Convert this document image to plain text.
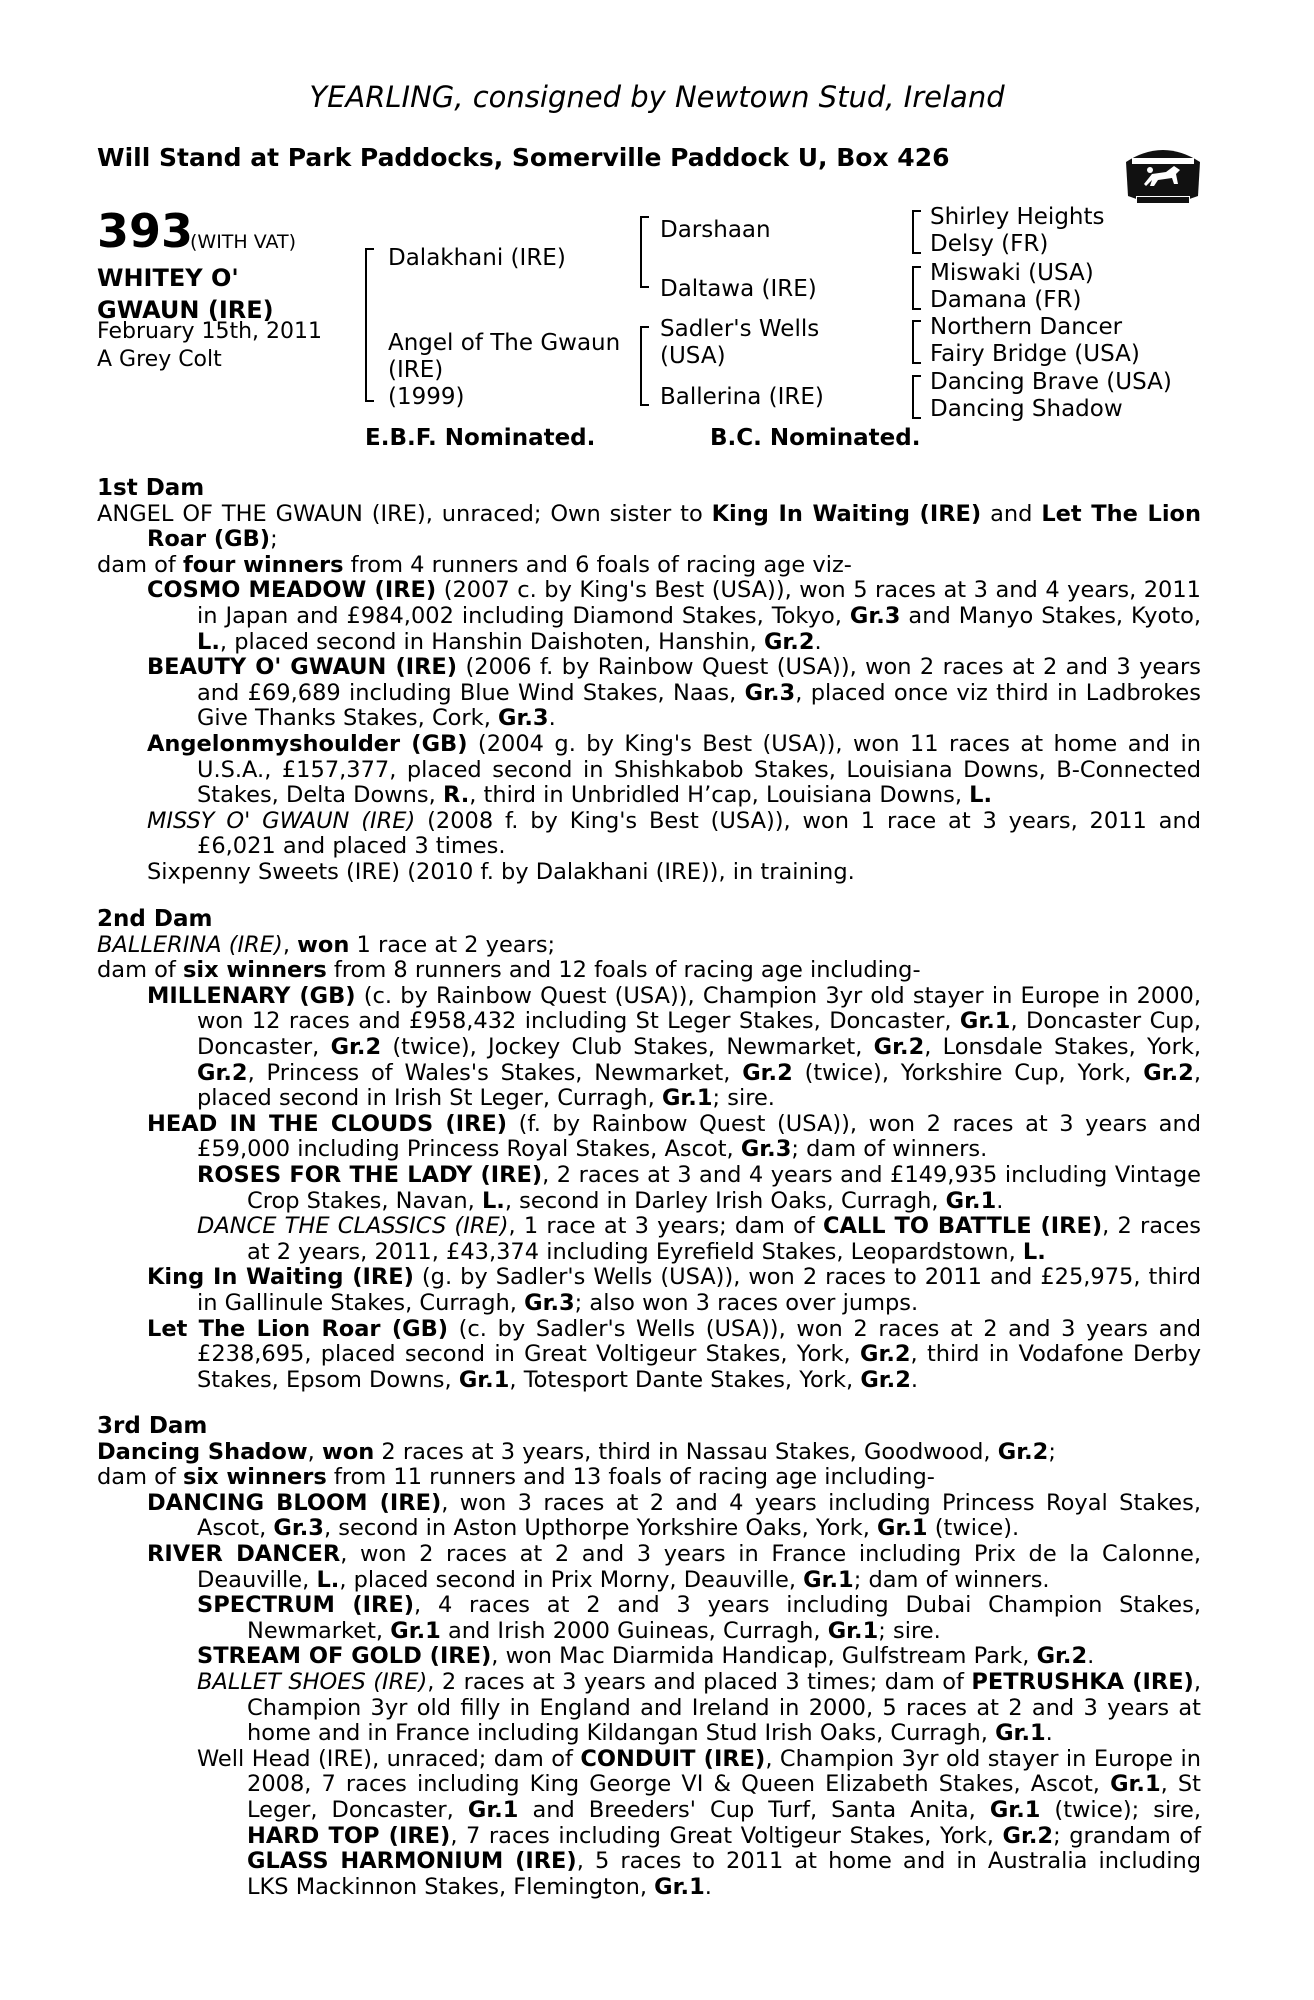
YEARLING, consigned by Newtown Stud, Ireland
Will Stand at Park Paddocks, Somerville Paddock U, Box 426
393
(WITH VAT)
WHITEY O' GWAUN (IRE)
February 15th, 2011
A Grey Colt
Dalakhani (IRE)
Angel of The Gwaun
(IRE)
(1999)
Darshaan
Daltawa (IRE)
Sadler's Wells
(USA)
Ballerina (IRE)
Shirley Heights
Delsy (FR)
Miswaki (USA)
Damana (FR)
Northern Dancer
Fairy Bridge (USA)
Dancing Brave (USA)
Dancing Shadow
E.B.F. Nominated.	B.C. Nominated.
1st Dam

ANGEL OF THE GWAUN (IRE), unraced; Own sister to King In Waiting (IRE) and Let The Lion Roar (GB);

dam of four winners from 4 runners and 6 foals of racing age viz-

COSMO MEADOW (IRE) (2007 c. by King's Best (USA)), won 5 races at 3 and 4 years, 2011 in Japan and £984,002 including Diamond Stakes, Tokyo, Gr.3 and Manyo Stakes, Kyoto, L., placed second in Hanshin Daishoten, Hanshin, Gr.2.

BEAUTY O' GWAUN (IRE) (2006 f. by Rainbow Quest (USA)), won 2 races at 2 and 3 years and £69,689 including Blue Wind Stakes, Naas, Gr.3, placed once viz third in Ladbrokes Give Thanks Stakes, Cork, Gr.3.

Angelonmyshoulder (GB) (2004 g. by King's Best (USA)), won 11 races at home and in U.S.A., £157,377, placed second in Shishkabob Stakes, Louisiana Downs, B-Connected Stakes, Delta Downs, R., third in Unbridled H’cap, Louisiana Downs, L.

MISSY O' GWAUN (IRE) (2008 f. by King's Best (USA)), won 1 race at 3 years, 2011 and £6,021 and placed 3 times.

Sixpenny Sweets (IRE) (2010 f. by Dalakhani (IRE)), in training.

2nd Dam

BALLERINA (IRE), won 1 race at 2 years;

dam of six winners from 8 runners and 12 foals of racing age including-

MILLENARY (GB) (c. by Rainbow Quest (USA)), Champion 3yr old stayer in Europe in 2000, won 12 races and £958,432 including St Leger Stakes, Doncaster, Gr.1, Doncaster Cup, Doncaster, Gr.2 (twice), Jockey Club Stakes, Newmarket, Gr.2, Lonsdale Stakes, York, Gr.2, Princess of Wales's Stakes, Newmarket, Gr.2 (twice), Yorkshire Cup, York, Gr.2, placed second in Irish St Leger, Curragh, Gr.1; sire.

HEAD IN THE CLOUDS (IRE) (f. by Rainbow Quest (USA)), won 2 races at 3 years and £59,000 including Princess Royal Stakes, Ascot, Gr.3; dam of winners.

ROSES FOR THE LADY (IRE), 2 races at 3 and 4 years and £149,935 including Vintage Crop Stakes, Navan, L., second in Darley Irish Oaks, Curragh, Gr.1.

DANCE THE CLASSICS (IRE), 1 race at 3 years; dam of CALL TO BATTLE (IRE), 2 races at 2 years, 2011, £43,374 including Eyrefield Stakes, Leopardstown, L.

King In Waiting (IRE) (g. by Sadler's Wells (USA)), won 2 races to 2011 and £25,975, third in Gallinule Stakes, Curragh, Gr.3; also won 3 races over jumps.

Let The Lion Roar (GB) (c. by Sadler's Wells (USA)), won 2 races at 2 and 3 years and £238,695, placed second in Great Voltigeur Stakes, York, Gr.2, third in Vodafone Derby Stakes, Epsom Downs, Gr.1, Totesport Dante Stakes, York, Gr.2.

3rd Dam

Dancing Shadow, won 2 races at 3 years, third in Nassau Stakes, Goodwood, Gr.2;

dam of six winners from 11 runners and 13 foals of racing age including-

DANCING BLOOM (IRE), won 3 races at 2 and 4 years including Princess Royal Stakes, Ascot, Gr.3, second in Aston Upthorpe Yorkshire Oaks, York, Gr.1 (twice).

RIVER DANCER, won 2 races at 2 and 3 years in France including Prix de la Calonne, Deauville, L., placed second in Prix Morny, Deauville, Gr.1; dam of winners.

SPECTRUM (IRE), 4 races at 2 and 3 years including Dubai Champion Stakes, Newmarket, Gr.1 and Irish 2000 Guineas, Curragh, Gr.1; sire.

STREAM OF GOLD (IRE), won Mac Diarmida Handicap, Gulfstream Park, Gr.2.

BALLET SHOES (IRE), 2 races at 3 years and placed 3 times; dam of PETRUSHKA (IRE), Champion 3yr old filly in England and Ireland in 2000, 5 races at 2 and 3 years at home and in France including Kildangan Stud Irish Oaks, Curragh, Gr.1.

Well Head (IRE), unraced; dam of CONDUIT (IRE), Champion 3yr old stayer in Europe in 2008, 7 races including King George VI & Queen Elizabeth Stakes, Ascot, Gr.1, St Leger, Doncaster, Gr.1 and Breeders' Cup Turf, Santa Anita, Gr.1 (twice); sire, HARD TOP (IRE), 7 races including Great Voltigeur Stakes, York, Gr.2; grandam of GLASS HARMONIUM (IRE), 5 races to 2011 at home and in Australia including LKS Mackinnon Stakes, Flemington, Gr.1.
